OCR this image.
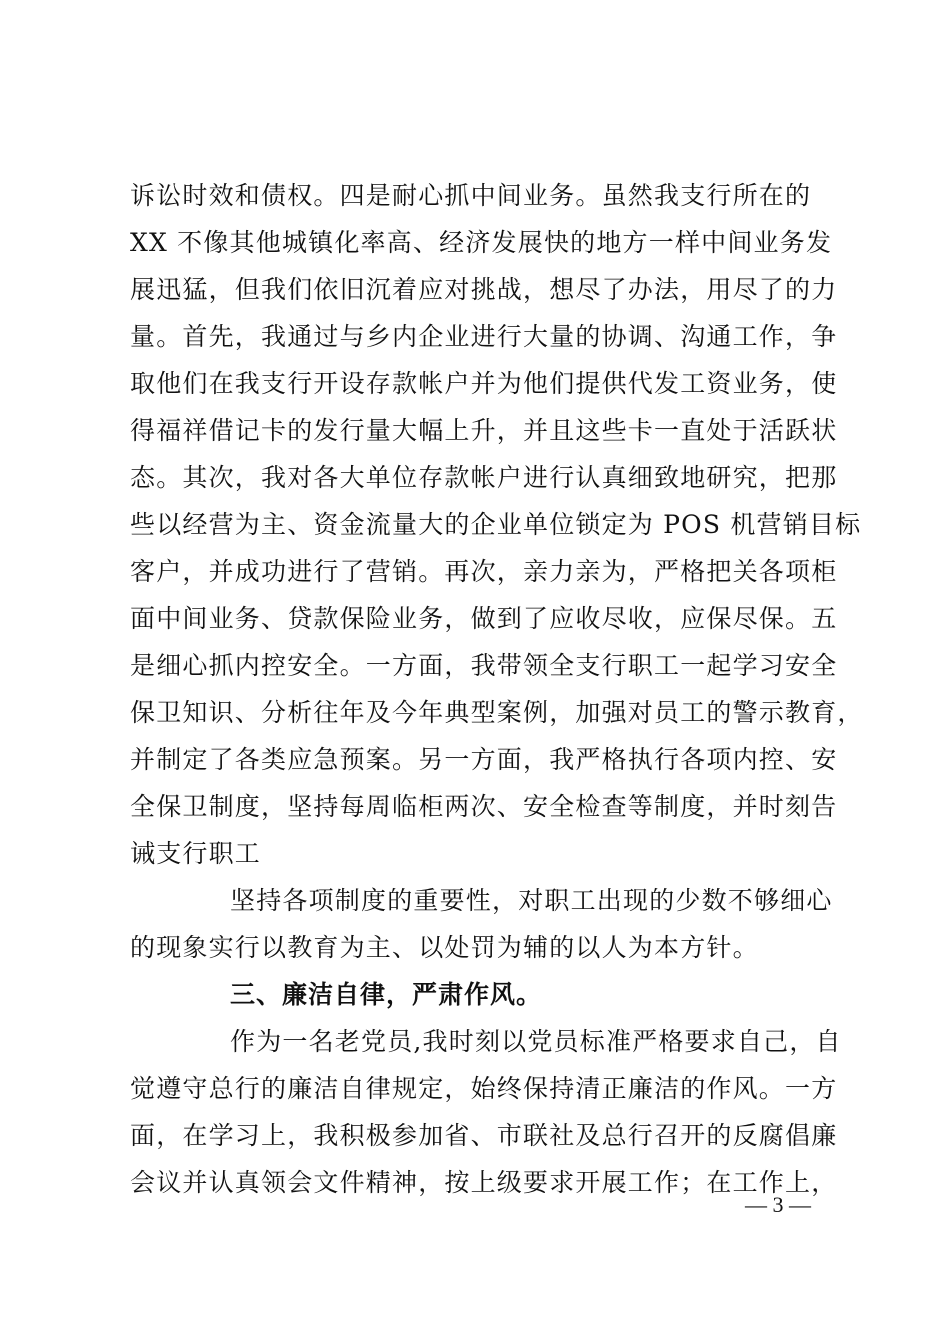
诉讼时效和债权。四是耐心抓中间业务。虽然我支行所在的
XX 不像其他城镇化率高、经济发展快的地方一样中间业务发
展迅猛，但我们依旧沉着应对挑战，想尽了办法，用尽了的力
量。首先，我通过与乡内企业进行大量的协调、沟通工作，争
取他们在我支行开设存款帐户并为他们提供代发工资业务，使
得福祥借记卡的发行量大幅上升，并且这些卡一直处于活跃状
态。其次，我对各大单位存款帐户进行认真细致地研究，把那
些以经营为主、资金流量大的企业单位锁定为 POS 机营销目标
客户，并成功进行了营销。再次，亲力亲为，严格把关各项柜
面中间业务、贷款保险业务，做到了应收尽收，应保尽保。五
是细心抓内控安全。一方面，我带领全支行职工一起学习安全
保卫知识、分析往年及今年典型案例，加强对员工的警示教育，
并制定了各类应急预案。另一方面，我严格执行各项内控、安
全保卫制度，坚持每周临柜两次、安全检查等制度，并时刻告
诫支行职工
坚持各项制度的重要性，对职工出现的少数不够细心
的现象实行以教育为主、以处罚为辅的以人为本方针。
三、廉洁自律，严肃作风。
作为一名老党员,我时刻以党员标准严格要求自己，自
觉遵守总行的廉洁自律规定，始终保持清正廉洁的作风。一方
面，在学习上，我积极参加省、市联社及总行召开的反腐倡廉
会议并认真领会文件精神，按上级要求开展工作；在工作上，
— 3 —
